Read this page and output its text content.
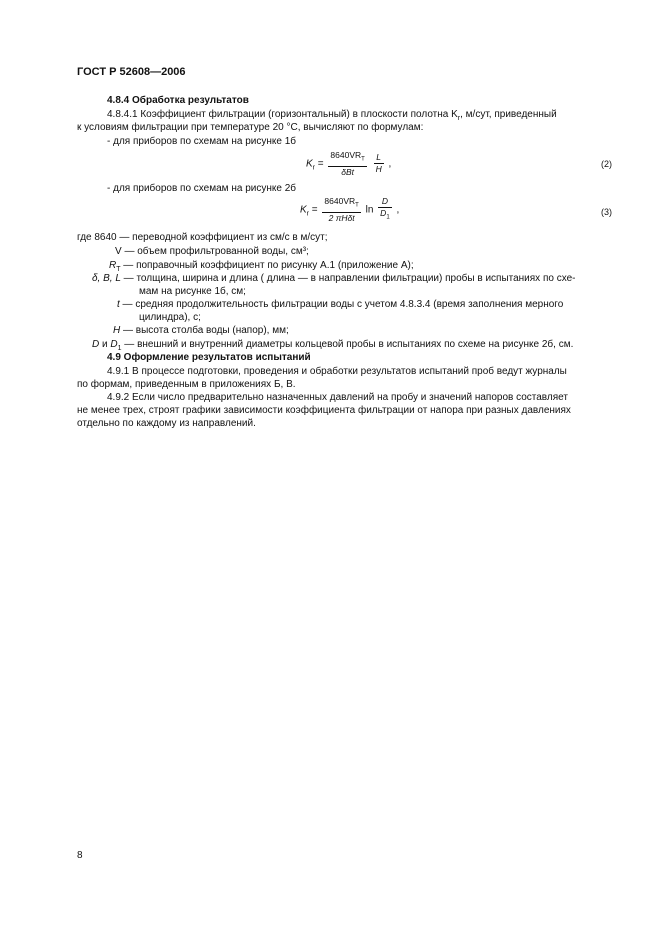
ГОСТ Р 52608—2006
4.8.4 Обработка результатов
4.8.4.1 Коэффициент фильтрации (горизонтальный) в плоскости полотна $K_r$, м/сут, приведенный
к условиям фильтрации при температуре 20 °С, вычисляют по формулам:
- для приборов по схемам на рисунке 1б
$K_r = \frac{8640VR_T}{\text{δBt}}$
$\frac{L}{H}$ ,	(2)
- для приборов по схемам на рисунке 2б
$K_r = \frac{8640VR_T}{\text{2 πHδt}}$ $\ln \frac{D}{D_1}$ ,	(3)
где 8640 — переводной коэффициент из см/с в м/сут;
V — объем профильтрованной воды, см³;
$R_T$ — поправочный коэффициент по рисунку А.1 (приложение А);
δ, B, L — толщина, ширина и длина ( длина — в направлении фильтрации) пробы в испытаниях по схе-
мам на рисунке 1б, см;
t — средняя продолжительность фильтрации воды с учетом 4.8.3.4 (время заполнения мерного
цилиндра), с;
H — высота столба воды (напор), мм;
D и $D_1$ — внешний и внутренний диаметры кольцевой пробы в испытаниях по схеме на рисунке 2б, см.
4.9 Оформление результатов испытаний
4.9.1 В процессе подготовки, проведения и обработки результатов испытаний проб ведут журналы
по формам, приведенным в приложениях Б, В.
4.9.2 Если число предварительно назначенных давлений на пробу и значений напоров составляет
не менее трех, строят графики зависимости коэффициента фильтрации от напора при разных давлениях
отдельно по каждому из направлений.
8
